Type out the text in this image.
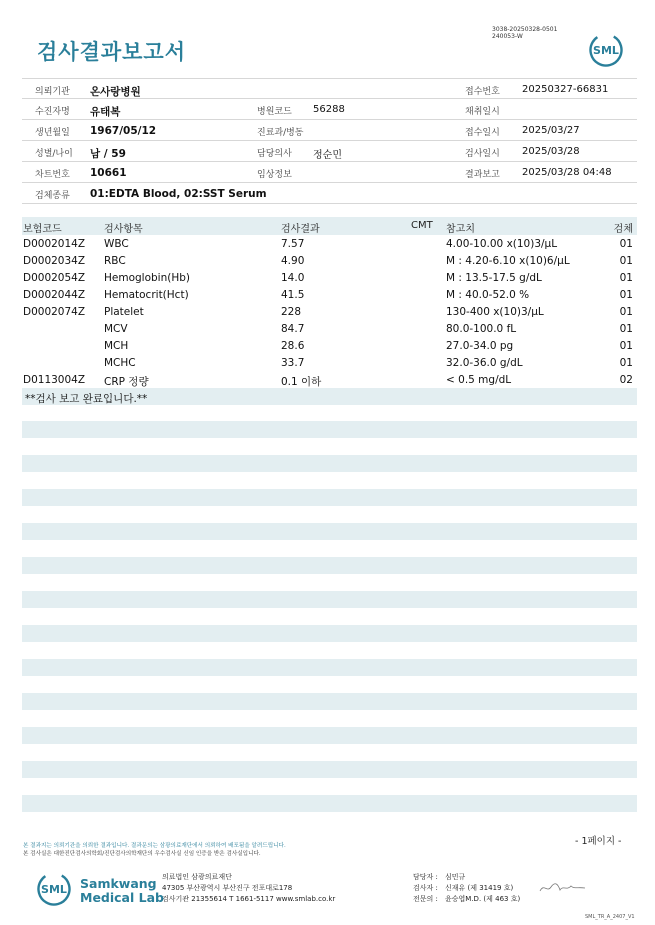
검사결과보고서
3038-20250328-0501
240053-W
SML
의뢰기관 온사랑병원	접수번호 20250327-66831
수진자명 유태복	병원코드 56288	채취일시
생년월일 1967/05/12	진료과/병동	접수일시 2025/03/27
성별/나이 남 / 59	담당의사 정순민	검사일시 2025/03/28
차트번호 10661	임상정보	결과보고 2025/03/28 04:48
검체종류 01:EDTA Blood, 02:SST Serum
보험코드	검사항목	검사결과	CMT 참고치	검체
D0002014Z WBC	7.57	4.00-10.00 x(10)3/μL	01
D0002034Z RBC	4.90	M : 4.20-6.10 x(10)6/μL	01
D0002054Z Hemoglobin(Hb)	14.0	M : 13.5-17.5 g/dL	01
D0002044Z Hematocrit(Hct)	41.5	M : 40.0-52.0 %	01
D0002074Z Platelet	228	130-400 x(10)3/μL	01
MCV	84.7	80.0-100.0 fL	01
MCH	28.6	27.0-34.0 pg	01
MCHC	33.7	32.0-36.0 g/dL	01
D0113004Z CRP 정량	0.1 이하	< 0.5 mg/dL	02
**검사 보고 완료입니다.**
- 1페이지 -
본 결과지는 의뢰기관을 의뢰한 결과입니다. 결과문의는 삼광의료재단에서 의뢰하여 배포됨을 알려드립니다.
본 검사실은 대한진단검사의학회/진단검사의학재단의 우수검사실 신임 인증을 받은 검사실입니다.
SML Samkwang
Medical Lab
의료법인 삼광의료재단
47305 부산광역시 부산진구 전포대로178
검사기관 21355614 T 1661-5117 www.smlab.co.kr
담당자 : 심민규
검사자 : 신재유 (제 31419 호)
전문의 : 윤승엽M.D. (제 463 호)
SML_TR_A_2407_V1
